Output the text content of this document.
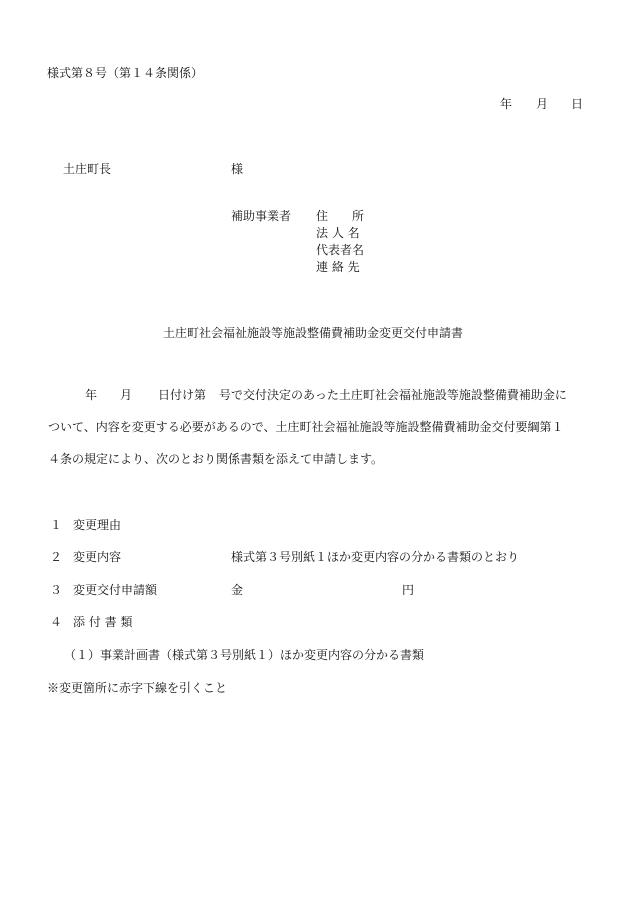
様式第８号（第１４条関係）
年 月 日
土庄町長	様
補助事業者 住　　所
法 人 名
代表者名
連 絡 先
土庄町社会福祉施設等施設整備費補助金変更交付申請書
年 月 日付け第 号で交付決定のあった土庄町社会福祉施設等施設整備費補助金に
ついて、内容を変更する必要があるので、土庄町社会福祉施設等施設整備費補助金交付要綱第１
４条の規定により、次のとおり関係書類を添えて申請します。
１ 変更理由
２ 変更内容	様式第３号別紙１ほか変更内容の分かる書類のとおり
３ 変更交付申請額	金	円
４ 添 付 書 類
（１）事業計画書（様式第３号別紙１）ほか変更内容の分かる書類
※変更箇所に赤字下線を引くこと
